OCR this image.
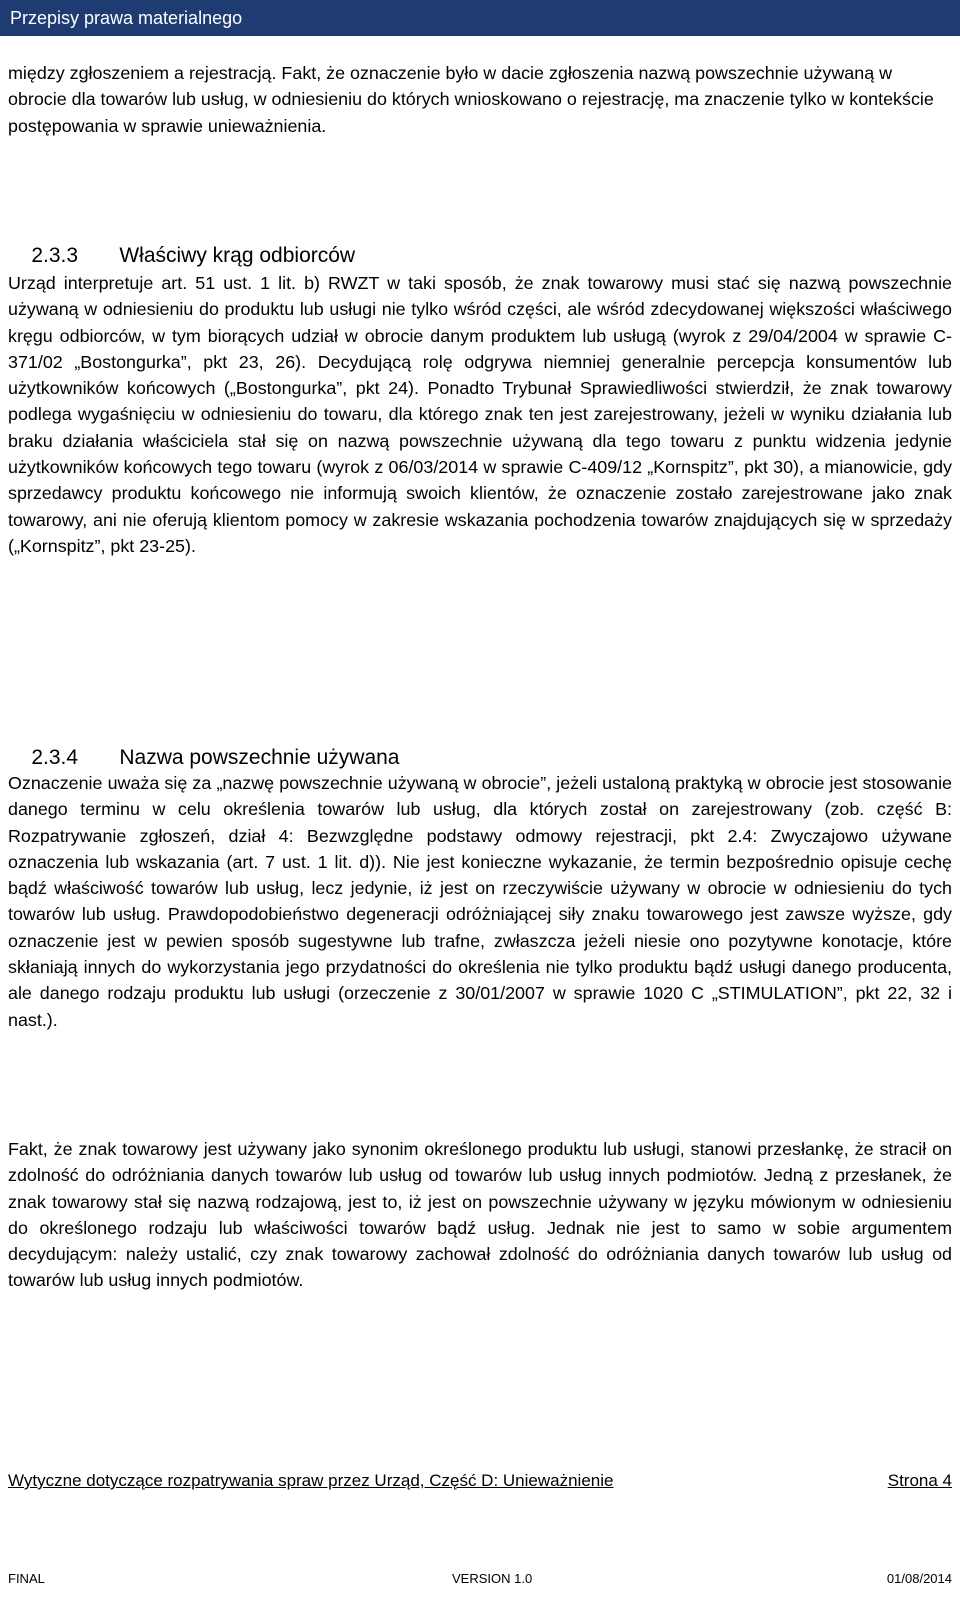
Przepisy prawa materialnego

między zgłoszeniem a rejestracją. Fakt, że oznaczenie było w dacie zgłoszenia nazwą powszechnie używaną w obrocie dla towarów lub usług, w odniesieniu do których wnioskowano o rejestrację, ma znaczenie tylko w kontekście postępowania w sprawie unieważnienia.

2.3.3 Właściwy krąg odbiorców

Urząd interpretuje art. 51 ust. 1 lit. b) RWZT w taki sposób, że znak towarowy musi stać się nazwą powszechnie używaną w odniesieniu do produktu lub usługi nie tylko wśród części, ale wśród zdecydowanej większości właściwego kręgu odbiorców, w tym biorących udział w obrocie danym produktem lub usługą (wyrok z 29/04/2004 w sprawie C-371/02 „Bostongurka”, pkt 23, 26). Decydującą rolę odgrywa niemniej generalnie percepcja konsumentów lub użytkowników końcowych („Bostongurka”, pkt 24). Ponadto Trybunał Sprawiedliwości stwierdził, że znak towarowy podlega wygaśnięciu w odniesieniu do towaru, dla którego znak ten jest zarejestrowany, jeżeli w wyniku działania lub braku działania właściciela stał się on nazwą powszechnie używaną dla tego towaru z punktu widzenia jedynie użytkowników końcowych tego towaru (wyrok z 06/03/2014 w sprawie C-409/12 „Kornspitz”, pkt 30), a mianowicie, gdy sprzedawcy produktu końcowego nie informują swoich klientów, że oznaczenie zostało zarejestrowane jako znak towarowy, ani nie oferują klientom pomocy w zakresie wskazania pochodzenia towarów znajdujących się w sprzedaży („Kornspitz”, pkt 23-25).

2.3.4 Nazwa powszechnie używana

Oznaczenie uważa się za „nazwę powszechnie używaną w obrocie”, jeżeli ustaloną praktyką w obrocie jest stosowanie danego terminu w celu określenia towarów lub usług, dla których został on zarejestrowany (zob. część B: Rozpatrywanie zgłoszeń, dział 4: Bezwzględne podstawy odmowy rejestracji, pkt 2.4: Zwyczajowo używane oznaczenia lub wskazania (art. 7 ust. 1 lit. d)). Nie jest konieczne wykazanie, że termin bezpośrednio opisuje cechę bądź właściwość towarów lub usług, lecz jedynie, iż jest on rzeczywiście używany w obrocie w odniesieniu do tych towarów lub usług. Prawdopodobieństwo degeneracji odróżniającej siły znaku towarowego jest zawsze wyższe, gdy oznaczenie jest w pewien sposób sugestywne lub trafne, zwłaszcza jeżeli niesie ono pozytywne konotacje, które skłaniają innych do wykorzystania jego przydatności do określenia nie tylko produktu bądź usługi danego producenta, ale danego rodzaju produktu lub usługi (orzeczenie z 30/01/2007 w sprawie 1020 C „STIMULATION”, pkt 22, 32 i nast.).

Fakt, że znak towarowy jest używany jako synonim określonego produktu lub usługi, stanowi przesłankę, że stracił on zdolność do odróżniania danych towarów lub usług od towarów lub usług innych podmiotów. Jedną z przesłanek, że znak towarowy stał się nazwą rodzajową, jest to, iż jest on powszechnie używany w języku mówionym w odniesieniu do określonego rodzaju lub właściwości towarów bądź usług. Jednak nie jest to samo w sobie argumentem decydującym: należy ustalić, czy znak towarowy zachował zdolność do odróżniania danych towarów lub usług od towarów lub usług innych podmiotów.

Wytyczne dotyczące rozpatrywania spraw przez Urząd, Część D: Unieważnienie	Strona 4
FINAL	VERSION 1.0	01/08/2014
